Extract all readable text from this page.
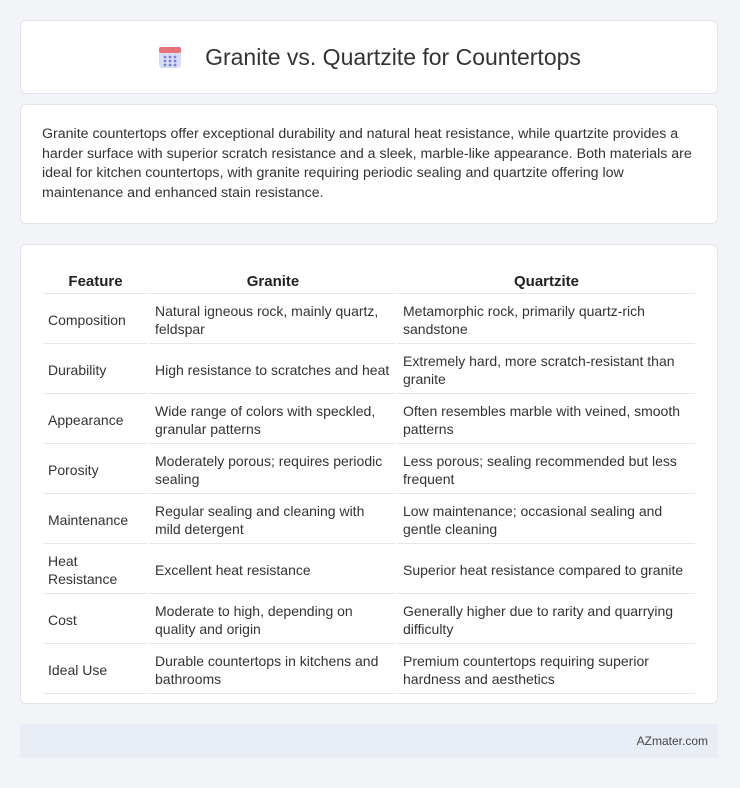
Granite vs. Quartzite for Countertops

Granite countertops offer exceptional durability and natural heat resistance, while quartzite provides a harder surface with superior scratch resistance and a sleek, marble-like appearance. Both materials are ideal for kitchen countertops, with granite requiring periodic sealing and quartzite offering low maintenance and enhanced stain resistance.

Feature	Granite	Quartzite
Composition	Natural igneous rock, mainly quartz, feldspar	Metamorphic rock, primarily quartz-rich sandstone
Durability	High resistance to scratches and heat	Extremely hard, more scratch-resistant than granite
Appearance	Wide range of colors with speckled, granular patterns	Often resembles marble with veined, smooth patterns
Porosity	Moderately porous; requires periodic sealing	Less porous; sealing recommended but less frequent
Maintenance	Regular sealing and cleaning with mild detergent	Low maintenance; occasional sealing and gentle cleaning
Heat Resistance	Excellent heat resistance	Superior heat resistance compared to granite
Cost	Moderate to high, depending on quality and origin	Generally higher due to rarity and quarrying difficulty
Ideal Use	Durable countertops in kitchens and bathrooms	Premium countertops requiring superior hardness and aesthetics
AZmater.com
